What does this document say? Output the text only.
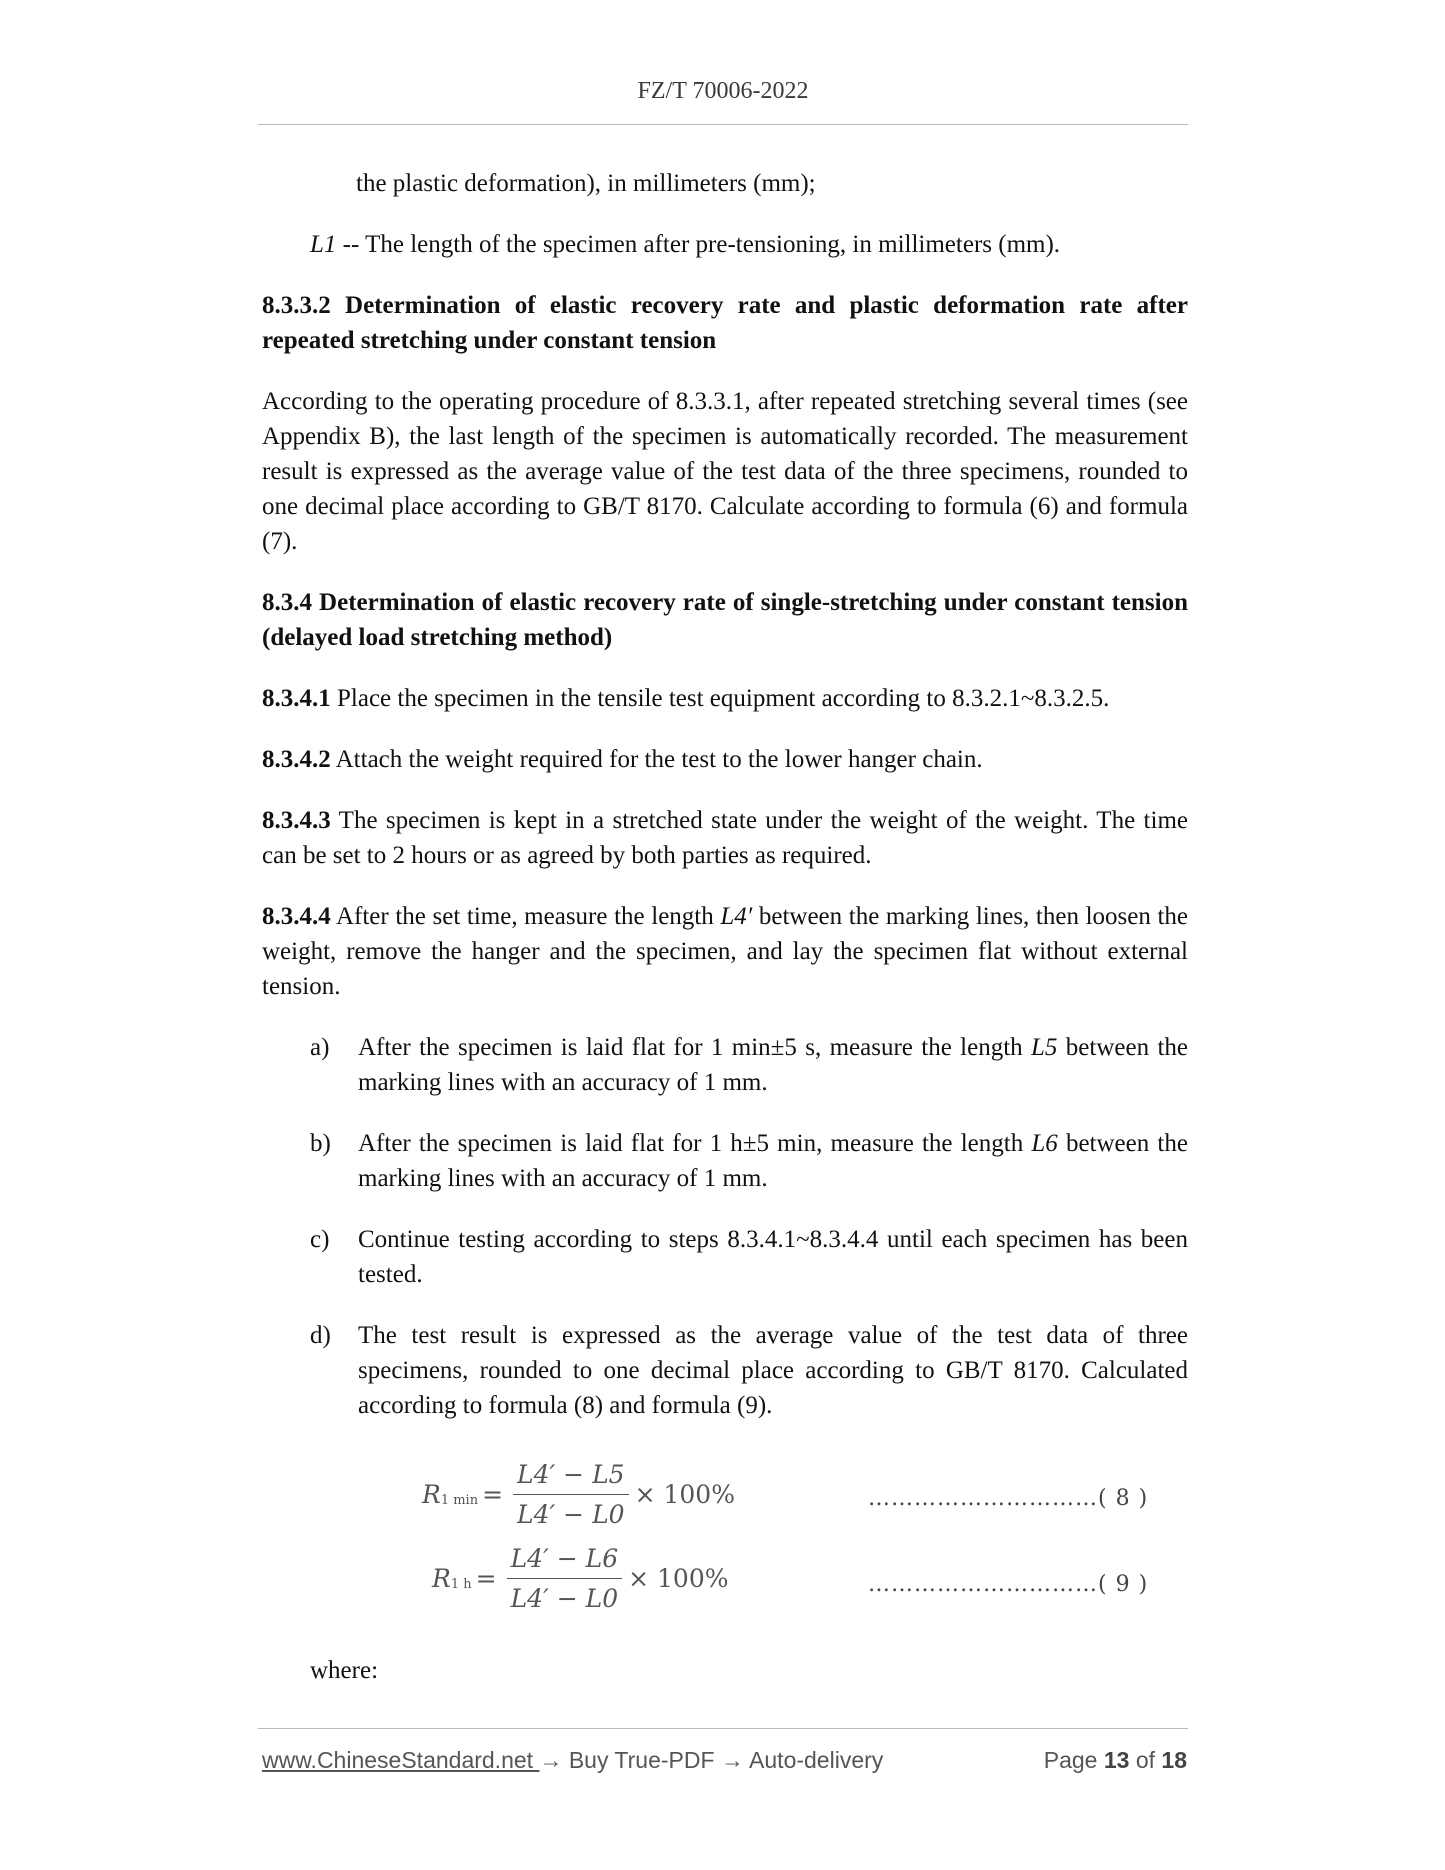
FZ/T 70006-2022

the plastic deformation), in millimeters (mm);

L1 -- The length of the specimen after pre-tensioning, in millimeters (mm).

8.3.3.2 Determination of elastic recovery rate and plastic deformation rate after repeated stretching under constant tension

According to the operating procedure of 8.3.3.1, after repeated stretching several times (see Appendix B), the last length of the specimen is automatically recorded. The measurement result is expressed as the average value of the test data of the three specimens, rounded to one decimal place according to GB/T 8170. Calculate according to formula (6) and formula (7).

8.3.4 Determination of elastic recovery rate of single-stretching under constant tension (delayed load stretching method)

8.3.4.1 Place the specimen in the tensile test equipment according to 8.3.2.1~8.3.2.5.

8.3.4.2 Attach the weight required for the test to the lower hanger chain.

8.3.4.3 The specimen is kept in a stretched state under the weight of the weight. The time can be set to 2 hours or as agreed by both parties as required.

8.3.4.4 After the set time, measure the length L4′ between the marking lines, then loosen the weight, remove the hanger and the specimen, and lay the specimen flat without external tension.

a) After the specimen is laid flat for 1 min±5 s, measure the length L5 between the marking lines with an accuracy of 1 mm.
b) After the specimen is laid flat for 1 h±5 min, measure the length L6 between the marking lines with an accuracy of 1 mm.
c) Continue testing according to steps 8.3.4.1~8.3.4.4 until each specimen has been tested.
d) The test result is expressed as the average value of the test data of three specimens, rounded to one decimal place according to GB/T 8170. Calculated according to formula (8) and formula (9).
R 1 $\min = \frac{L4' - L5}{L4' - L0} \times 100\%$	…………………………( 8 )
R 1 $h = \frac{L4' - L6}{L4' - L0} \times 100\%$	…………………………( 9 )
where:
www.ChineseStandard.net → Buy True-PDF → Auto-delivery	Page 13 of 18
